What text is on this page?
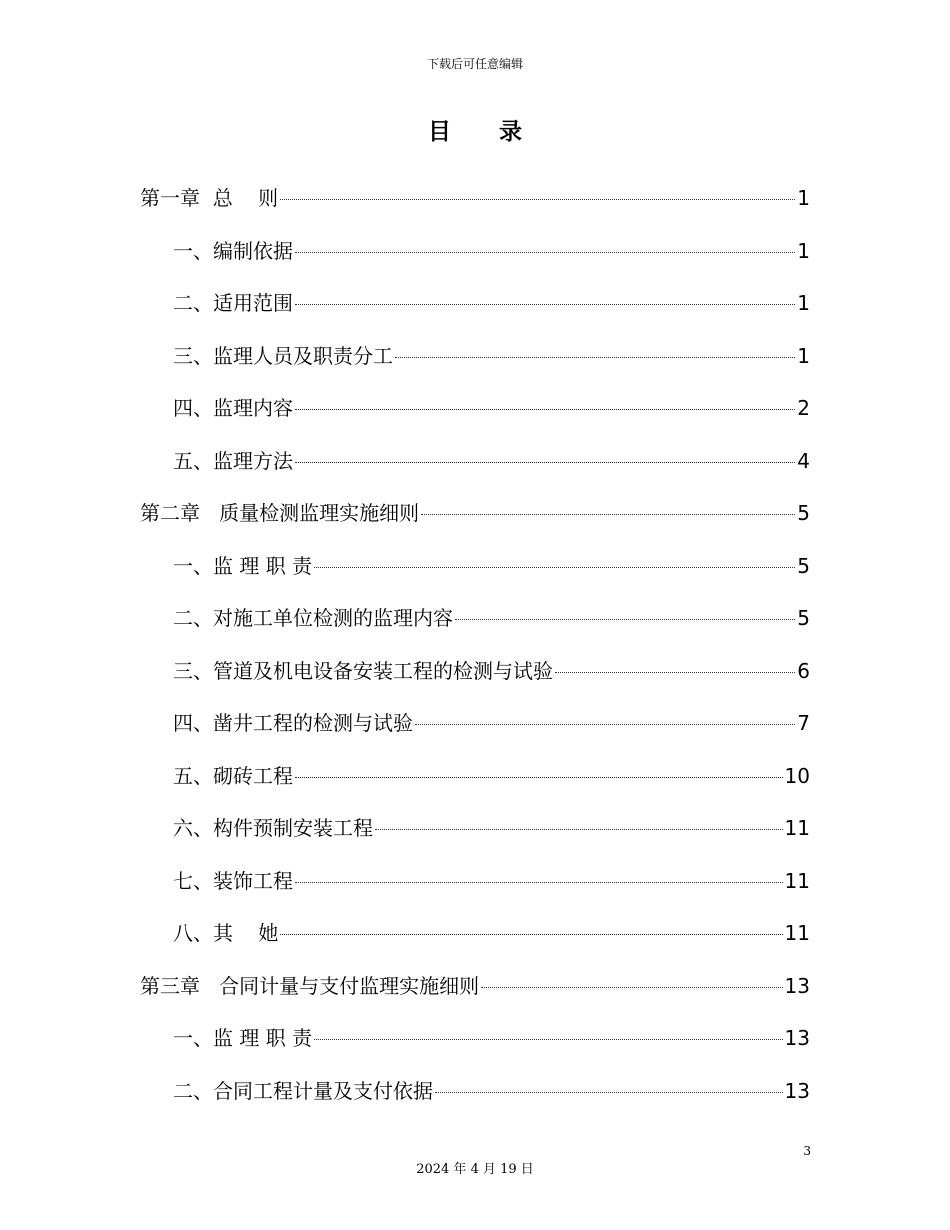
下载后可任意编辑
目 录
第一章  总    则	1
一、编制依据	1
二、适用范围	1
三、监理人员及职责分工	1
四、监理内容	2
五、监理方法	4
第二章   质量检测监理实施细则	5
一、监 理 职 责	5
二、对施工单位检测的监理内容	5
三、管道及机电设备安装工程的检测与试验	6
四、凿井工程的检测与试验	7
五、砌砖工程	10
六、构件预制安装工程	11
七、装饰工程	11
八、其    她	11
第三章   合同计量与支付监理实施细则	13
一、监 理 职 责	13
二、合同工程计量及支付依据	13
3
2024 年 4 月 19 日
